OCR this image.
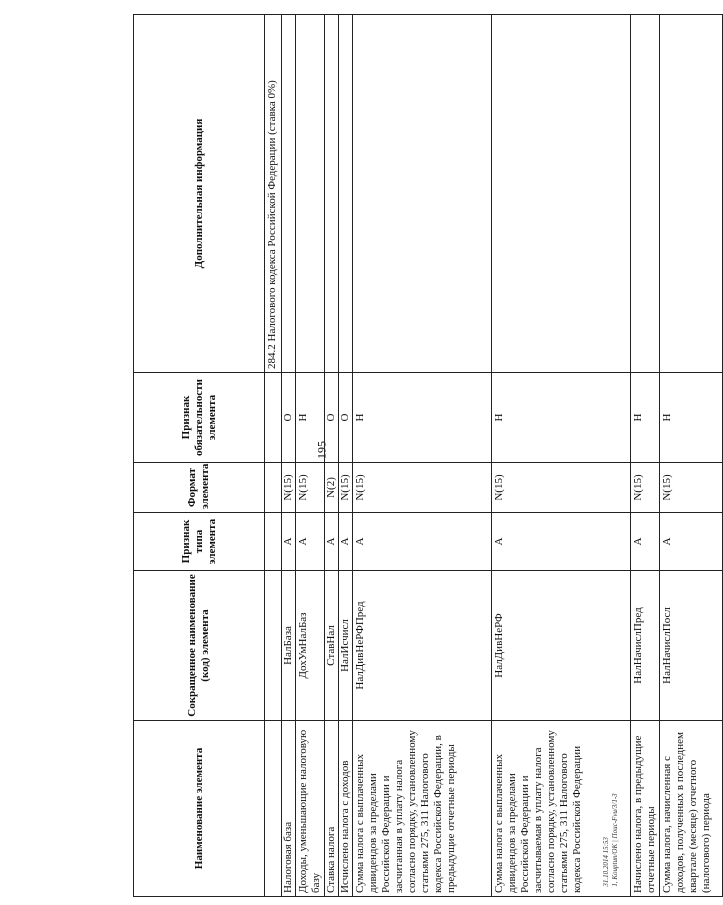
195
Наименование элемента	Сокращенное наименование (код) элемента	Признак типа элемента	Формат элемента	Признак обязательности элемента	Дополнительная информация
					284.2 Налогового кодекса Российской Федерации (ставка 0%)
Налоговая база	НалБаза	А	N(15)	О	
Доходы, уменьшающие налоговую базу	ДохУмНалБаз	А	N(15)	Н	
Ставка налога	СтавНал	А	N(2)	О	
Исчислено налога с доходов	НалИсчисл	А	N(15)	О	
Сумма налога с выплаченных дивидендов за пределами Российской Федерации и засчитанная в уплату налога согласно порядку, установленному статьями 275, 311 Налогового кодекса Российской Федерации, в предыдущие отчетные периоды	НалДивНеРФПред	А	N(15)	Н	
Сумма налога с выплаченных дивидендов за пределами Российской Федерации и засчитываемая в уплату налога согласно порядку, установленному статьями 275, 311 Налогового кодекса Российской Федерации	НалДивНеРФ	А	N(15)	Н	
Начислено налога, в предыдущие отчетные периоды	НалНачислПред	А	N(15)	Н	
Сумма налога, начисленная с доходов, полученных в последнем квартале (месяце) отчетного (налогового) периода	НалНачислПосл	А	N(15)	Н	
31.10.2014 15:53 1, Kouptun/OK | Поис-Fvu/3/1-3
